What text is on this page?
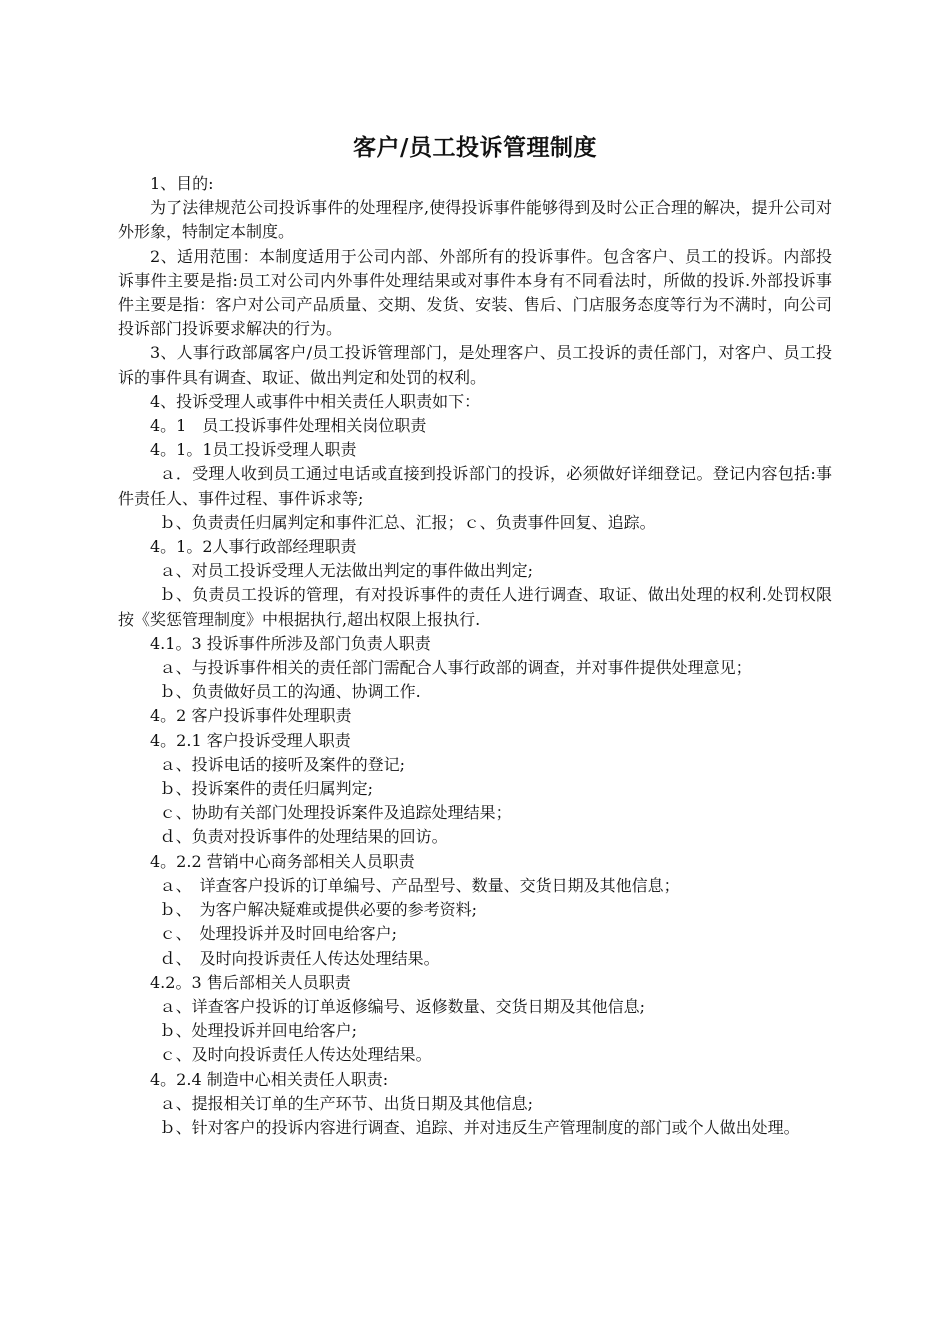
客户/员工投诉管理制度

1、目的:

为了法律规范公司投诉事件的处理程序,使得投诉事件能够得到及时公正合理的解决，提升公司对外形象，特制定本制度。

2、适用范围：本制度适用于公司内部、外部所有的投诉事件。包含客户、员工的投诉。内部投诉事件主要是指:员工对公司内外事件处理结果或对事件本身有不同看法时，所做的投诉.外部投诉事件主要是指：客户对公司产品质量、交期、发货、安装、售后、门店服务态度等行为不满时，向公司投诉部门投诉要求解决的行为。

3、人事行政部属客户/员工投诉管理部门，是处理客户、员工投诉的责任部门，对客户、员工投诉的事件具有调查、取证、做出判定和处罚的权利。

4、投诉受理人或事件中相关责任人职责如下：

4。1　员工投诉事件处理相关岗位职责

4。1。1员工投诉受理人职责

ａ．受理人收到员工通过电话或直接到投诉部门的投诉，必须做好详细登记。登记内容包括:事件责任人、事件过程、事件诉求等;

ｂ、负责责任归属判定和事件汇总、汇报；ｃ、负责事件回复、追踪。

4。1。2人事行政部经理职责

ａ、对员工投诉受理人无法做出判定的事件做出判定;

ｂ、负责员工投诉的管理，有对投诉事件的责任人进行调查、取证、做出处理的权利.处罚权限按《奖惩管理制度》中根据执行,超出权限上报执行.

4.1。3 投诉事件所涉及部门负责人职责

ａ、与投诉事件相关的责任部门需配合人事行政部的调查，并对事件提供处理意见；

ｂ、负责做好员工的沟通、协调工作.

4。2 客户投诉事件处理职责

4。2.1 客户投诉受理人职责

ａ、投诉电话的接听及案件的登记;

ｂ、投诉案件的责任归属判定;

ｃ、协助有关部门处理投诉案件及追踪处理结果；

ｄ、负责对投诉事件的处理结果的回访。

4。2.2 营销中心商务部相关人员职责

ａ、　详查客户投诉的订单编号、产品型号、数量、交货日期及其他信息；

ｂ、　为客户解决疑难或提供必要的参考资料;

ｃ、　处理投诉并及时回电给客户;

ｄ、　及时向投诉责任人传达处理结果。

4.2。3 售后部相关人员职责

ａ、详查客户投诉的订单返修编号、返修数量、交货日期及其他信息;

ｂ、处理投诉并回电给客户;

ｃ、及时向投诉责任人传达处理结果。

4。2.4 制造中心相关责任人职责:

ａ、提报相关订单的生产环节、出货日期及其他信息;

ｂ、针对客户的投诉内容进行调查、追踪、并对违反生产管理制度的部门或个人做出处理。
